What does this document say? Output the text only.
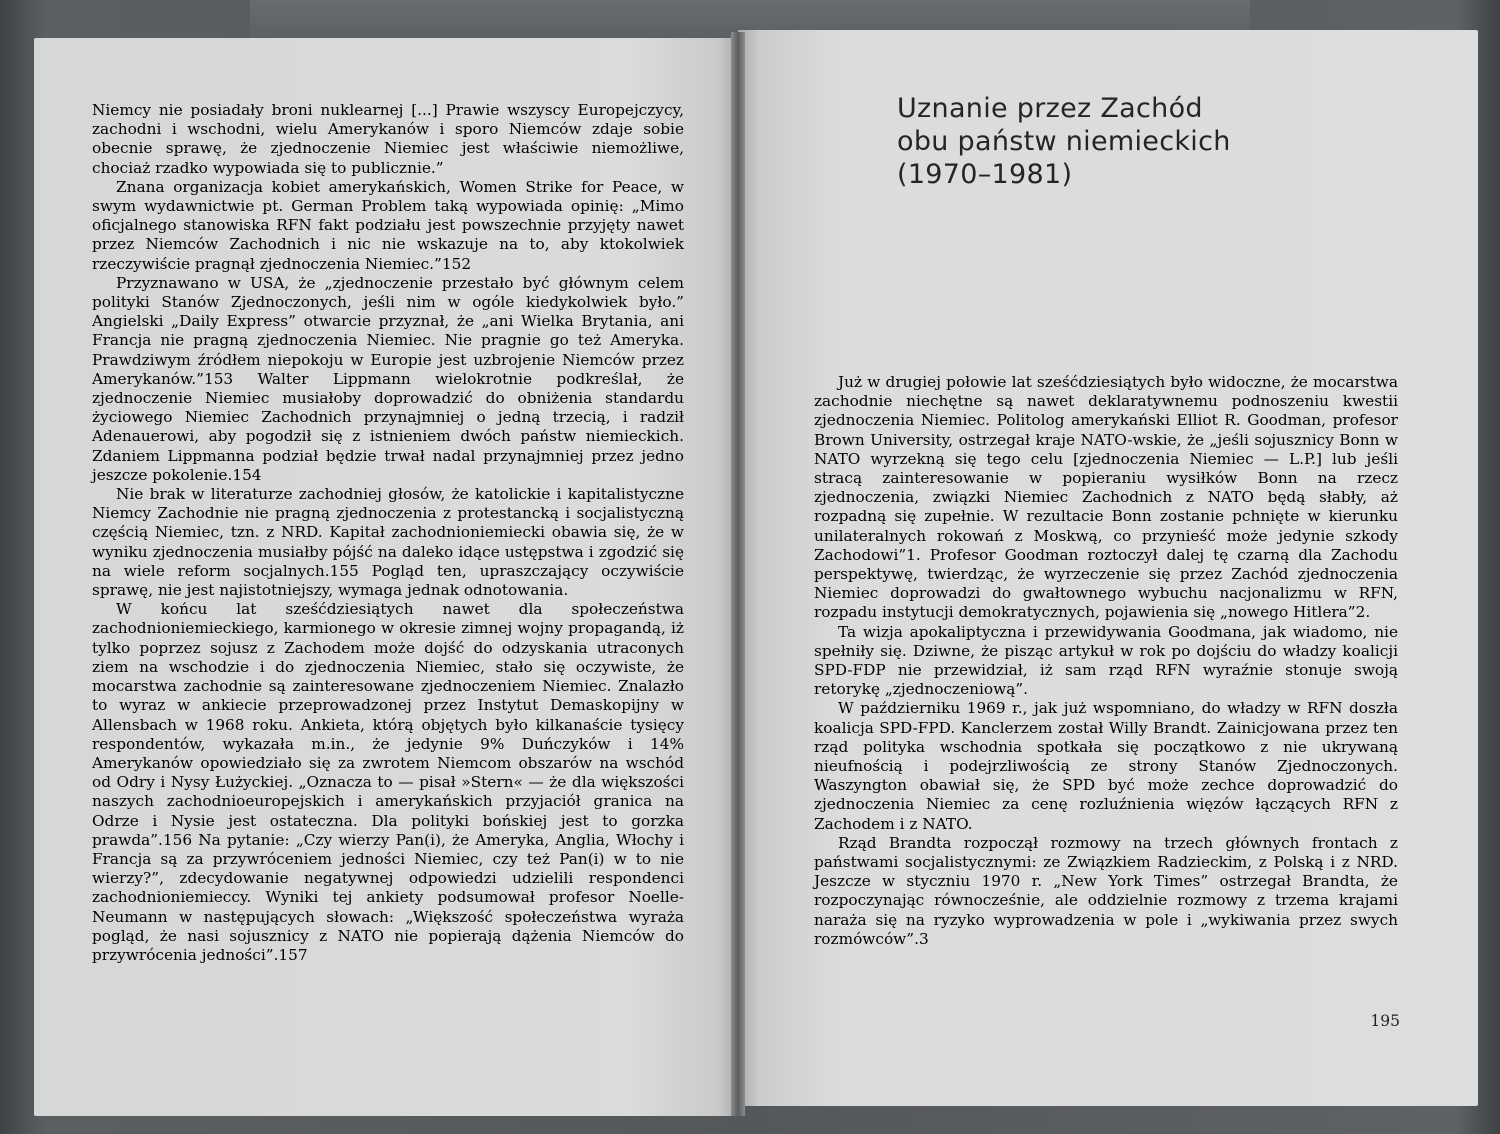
Niemcy nie posiadały broni nuklearnej [...] Prawie wszyscy Europejczycy, zachodni i wschodni, wielu Amerykanów i sporo Niemców zdaje sobie obecnie sprawę, że zjednoczenie Niemiec jest właściwie niemożliwe, chociaż rzadko wypowiada się to publicznie.”

Znana organizacja kobiet amerykańskich, Women Strike for Peace, w swym wydawnictwie pt. German Problem taką wypowiada opinię: „Mimo oficjalnego stanowiska RFN fakt podziału jest powszechnie przyjęty nawet przez Niemców Zachodnich i nic nie wskazuje na to, aby ktokolwiek rzeczywiście pragnął zjednoczenia Niemiec.”152

Przyznawano w USA, że „zjednoczenie przestało być głównym celem polityki Stanów Zjednoczonych, jeśli nim w ogóle kiedykolwiek było.” Angielski „Daily Express” otwarcie przyznał, że „ani Wielka Brytania, ani Francja nie pragną zjednoczenia Niemiec. Nie pragnie go też Ameryka. Prawdziwym źródłem niepokoju w Europie jest uzbrojenie Niemców przez Amerykanów.”153 Walter Lippmann wielokrotnie podkreślał, że zjednoczenie Niemiec musiałoby doprowadzić do obniżenia standardu życiowego Niemiec Zachodnich przynajmniej o jedną trzecią, i radził Adenauerowi, aby pogodził się z istnieniem dwóch państw niemieckich. Zdaniem Lippmanna podział będzie trwał nadal przynajmniej przez jedno jeszcze pokolenie.154

Nie brak w literaturze zachodniej głosów, że katolickie i kapitalistyczne Niemcy Zachodnie nie pragną zjednoczenia z protestancką i socjalistyczną częścią Niemiec, tzn. z NRD. Kapitał zachodnioniemiecki obawia się, że w wyniku zjednoczenia musiałby pójść na daleko idące ustępstwa i zgodzić się na wiele reform socjalnych.155 Pogląd ten, upraszczający oczywiście sprawę, nie jest najistotniejszy, wymaga jednak odnotowania.

W końcu lat sześćdziesiątych nawet dla społeczeństwa zachodnioniemieckiego, karmionego w okresie zimnej wojny propagandą, iż tylko poprzez sojusz z Zachodem może dojść do odzyskania utraconych ziem na wschodzie i do zjednoczenia Niemiec, stało się oczywiste, że mocarstwa zachodnie są zainteresowane zjednoczeniem Niemiec. Znalazło to wyraz w ankiecie przeprowadzonej przez Instytut Demaskopijny w Allensbach w 1968 roku. Ankieta, którą objętych było kilkanaście tysięcy respondentów, wykazała m.in., że jedynie 9% Duńczyków i 14% Amerykanów opowiedziało się za zwrotem Niemcom obszarów na wschód od Odry i Nysy Łużyckiej. „Oznacza to — pisał »Stern« — że dla większości naszych zachodnioeuropejskich i amerykańskich przyjaciół granica na Odrze i Nysie jest ostateczna. Dla polityki bońskiej jest to gorzka prawda”.156 Na pytanie: „Czy wierzy Pan(i), że Ameryka, Anglia, Włochy i Francja są za przywróceniem jedności Niemiec, czy też Pan(i) w to nie wierzy?”, zdecydowanie negatywnej odpowiedzi udzielili respondenci zachodnioniemieccy. Wyniki tej ankiety podsumował profesor Noelle-Neumann w następujących słowach: „Większość społeczeństwa wyraża pogląd, że nasi sojusznicy z NATO nie popierają dążenia Niemców do przywrócenia jedności”.157

Uznanie przez Zachód
obu państw niemieckich
(1970–1981)

Już w drugiej połowie lat sześćdziesiątych było widoczne, że mocarstwa zachodnie niechętne są nawet deklaratywnemu podnoszeniu kwestii zjednoczenia Niemiec. Politolog amerykański Elliot R. Goodman, profesor Brown University, ostrzegał kraje NATO-wskie, że „jeśli sojusznicy Bonn w NATO wyrzekną się tego celu [zjednoczenia Niemiec — L.P.] lub jeśli stracą zainteresowanie w popieraniu wysiłków Bonn na rzecz zjednoczenia, związki Niemiec Zachodnich z NATO będą słabły, aż rozpadną się zupełnie. W rezultacie Bonn zostanie pchnięte w kierunku unilateralnych rokowań z Moskwą, co przynieść może jedynie szkody Zachodowi”1. Profesor Goodman roztoczył dalej tę czarną dla Zachodu perspektywę, twierdząc, że wyrzeczenie się przez Zachód zjednoczenia Niemiec doprowadzi do gwałtownego wybuchu nacjonalizmu w RFN, rozpadu instytucji demokratycznych, pojawienia się „nowego Hitlera”2.

Ta wizja apokaliptyczna i przewidywania Goodmana, jak wiadomo, nie spełniły się. Dziwne, że pisząc artykuł w rok po dojściu do władzy koalicji SPD-FDP nie przewidział, iż sam rząd RFN wyraźnie stonuje swoją retorykę „zjednoczeniową”.

W październiku 1969 r., jak już wspomniano, do władzy w RFN doszła koalicja SPD-FPD. Kanclerzem został Willy Brandt. Zainicjowana przez ten rząd polityka wschodnia spotkała się początkowo z nie ukrywaną nieufnością i podejrzliwością ze strony Stanów Zjednoczonych. Waszyngton obawiał się, że SPD być może zechce doprowadzić do zjednoczenia Niemiec za cenę rozluźnienia więzów łączących RFN z Zachodem i z NATO.

Rząd Brandta rozpoczął rozmowy na trzech głównych frontach z państwami socjalistycznymi: ze Związkiem Radzieckim, z Polską i z NRD. Jeszcze w styczniu 1970 r. „New York Times” ostrzegał Brandta, że rozpoczynając równocześnie, ale oddzielnie rozmowy z trzema krajami naraża się na ryzyko wyprowadzenia w pole i „wykiwania przez swych rozmówców”.3

195
